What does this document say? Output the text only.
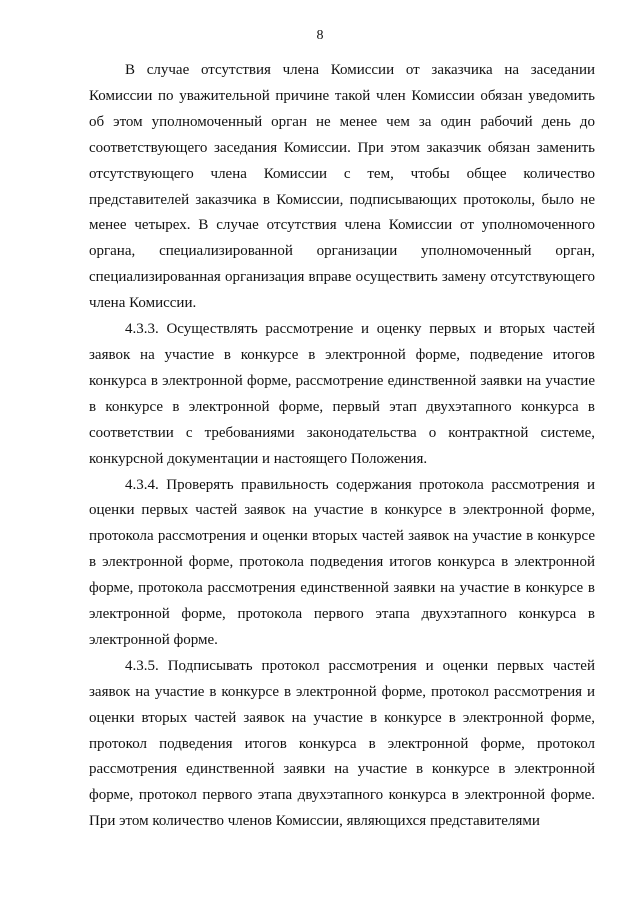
8

В случае отсутствия члена Комиссии от заказчика на заседании Комиссии по уважительной причине такой член Комиссии обязан уведомить об этом уполномоченный орган не менее чем за один рабочий день до соответствующего заседания Комиссии. При этом заказчик обязан заменить отсутствующего члена Комиссии с тем, чтобы общее количество представителей заказчика в Комиссии, подписывающих протоколы, было не менее четырех. В случае отсутствия члена Комиссии от уполномоченного органа, специализированной организации уполномоченный орган, специализированная организация вправе осуществить замену отсутствующего члена Комиссии.

4.3.3. Осуществлять рассмотрение и оценку первых и вторых частей заявок на участие в конкурсе в электронной форме, подведение итогов конкурса в электронной форме, рассмотрение единственной заявки на участие в конкурсе в электронной форме, первый этап двухэтапного конкурса в соответствии с требованиями законодательства о контрактной системе, конкурсной документации и настоящего Положения.

4.3.4. Проверять правильность содержания протокола рассмотрения и оценки первых частей заявок на участие в конкурсе в электронной форме, протокола рассмотрения и оценки вторых частей заявок на участие в конкурсе в электронной форме, протокола подведения итогов конкурса в электронной форме, протокола рассмотрения единственной заявки на участие в конкурсе в электронной форме, протокола первого этапа двухэтапного конкурса в электронной форме.

4.3.5. Подписывать протокол рассмотрения и оценки первых частей заявок на участие в конкурсе в электронной форме, протокол рассмотрения и оценки вторых частей заявок на участие в конкурсе в электронной форме, протокол подведения итогов конкурса в электронной форме, протокол рассмотрения единственной заявки на участие в конкурсе в электронной форме, протокол первого этапа двухэтапного конкурса в электронной форме. При этом количество членов Комиссии, являющихся представителями
